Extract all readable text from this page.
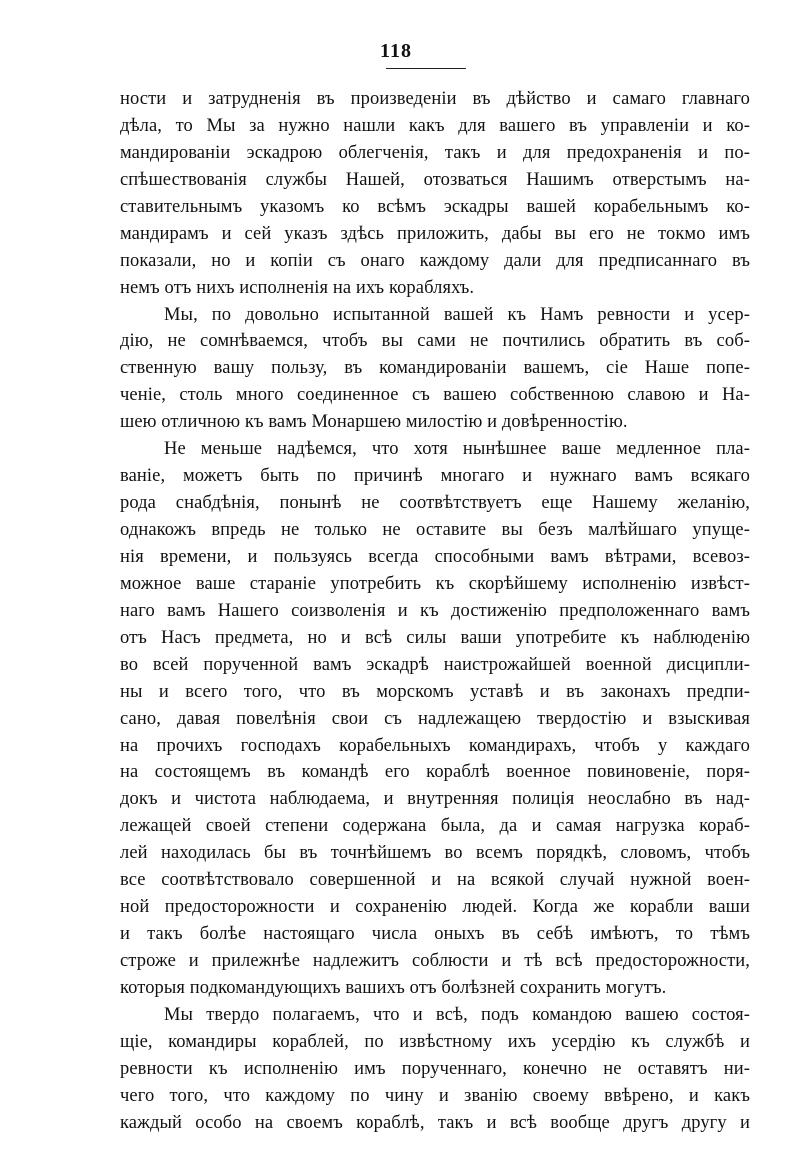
118
ности и затрудненія въ произведеніи въ дѣйство и самаго главнаго
дѣла, то Мы за нужно нашли какъ для вашего въ управленіи и ко-
мандированіи эскадрою облегченія, такъ и для предохраненія и по-
спѣшествованія службы Нашей, отозваться Нашимъ отверстымъ на-
ставительнымъ указомъ ко всѣмъ эскадры вашей корабельнымъ ко-
мандирамъ и сей указъ здѣсь приложить, дабы вы его не токмо имъ
показали, но и копіи съ онаго каждому дали для предписаннаго въ
немъ отъ нихъ исполненія на ихъ корабляхъ.
Мы, по довольно испытанной вашей къ Намъ ревности и усер-
дію, не сомнѣваемся, чтобъ вы сами не почтились обратить въ соб-
ственную вашу пользу, въ командированіи вашемъ, сіе Наше попе-
ченіе, столь много соединенное съ вашею собственною славою и На-
шею отличною къ вамъ Монаршею милостію и довѣренностію.
Не меньше надѣемся, что хотя нынѣшнее ваше медленное пла-
ваніе, можетъ быть по причинѣ многаго и нужнаго вамъ всякаго
рода снабдѣнія, понынѣ не соотвѣтствуетъ еще Нашему желанію,
однакожъ впредь не только не оставите вы безъ малѣйшаго упуще-
нія времени, и пользуясь всегда способными вамъ вѣтрами, всевоз-
можное ваше стараніе употребить къ скорѣйшему исполненію извѣст-
наго вамъ Нашего соизволенія и къ достиженію предположеннаго вамъ
отъ Насъ предмета, но и всѣ силы ваши употребите къ наблюденію
во всей порученной вамъ эскадрѣ наистрожайшей военной дисципли-
ны и всего того, что въ морскомъ уставѣ и въ законахъ предпи-
сано, давая повелѣнія свои съ надлежащею твердостію и взыскивая
на прочихъ господахъ корабельныхъ командирахъ, чтобъ у каждаго
на состоящемъ въ командѣ его кораблѣ военное повиновеніе, поря-
докъ и чистота наблюдаема, и внутренняя полиція неослабно въ над-
лежащей своей степени содержана была, да и самая нагрузка кораб-
лей находилась бы въ точнѣйшемъ во всемъ порядкѣ, словомъ, чтобъ
все соотвѣтствовало совершенной и на всякой случай нужной воен-
ной предосторожности и сохраненію людей. Когда же корабли ваши
и такъ болѣе настоящаго числа оныхъ въ себѣ имѣютъ, то тѣмъ
строже и прилежнѣе надлежитъ соблюсти и тѣ всѣ предосторожности,
которыя подкомандующихъ вашихъ отъ болѣзней сохранить могутъ.
Мы твердо полагаемъ, что и всѣ, подъ командою вашею состоя-
щіе, командиры кораблей, по извѣстному ихъ усердію къ службѣ и
ревности къ исполненію имъ порученнаго, конечно не оставятъ ни-
чего того, что каждому по чину и званію своему ввѣрено, и какъ
каждый особо на своемъ кораблѣ, такъ и всѣ вообще другъ другу и
